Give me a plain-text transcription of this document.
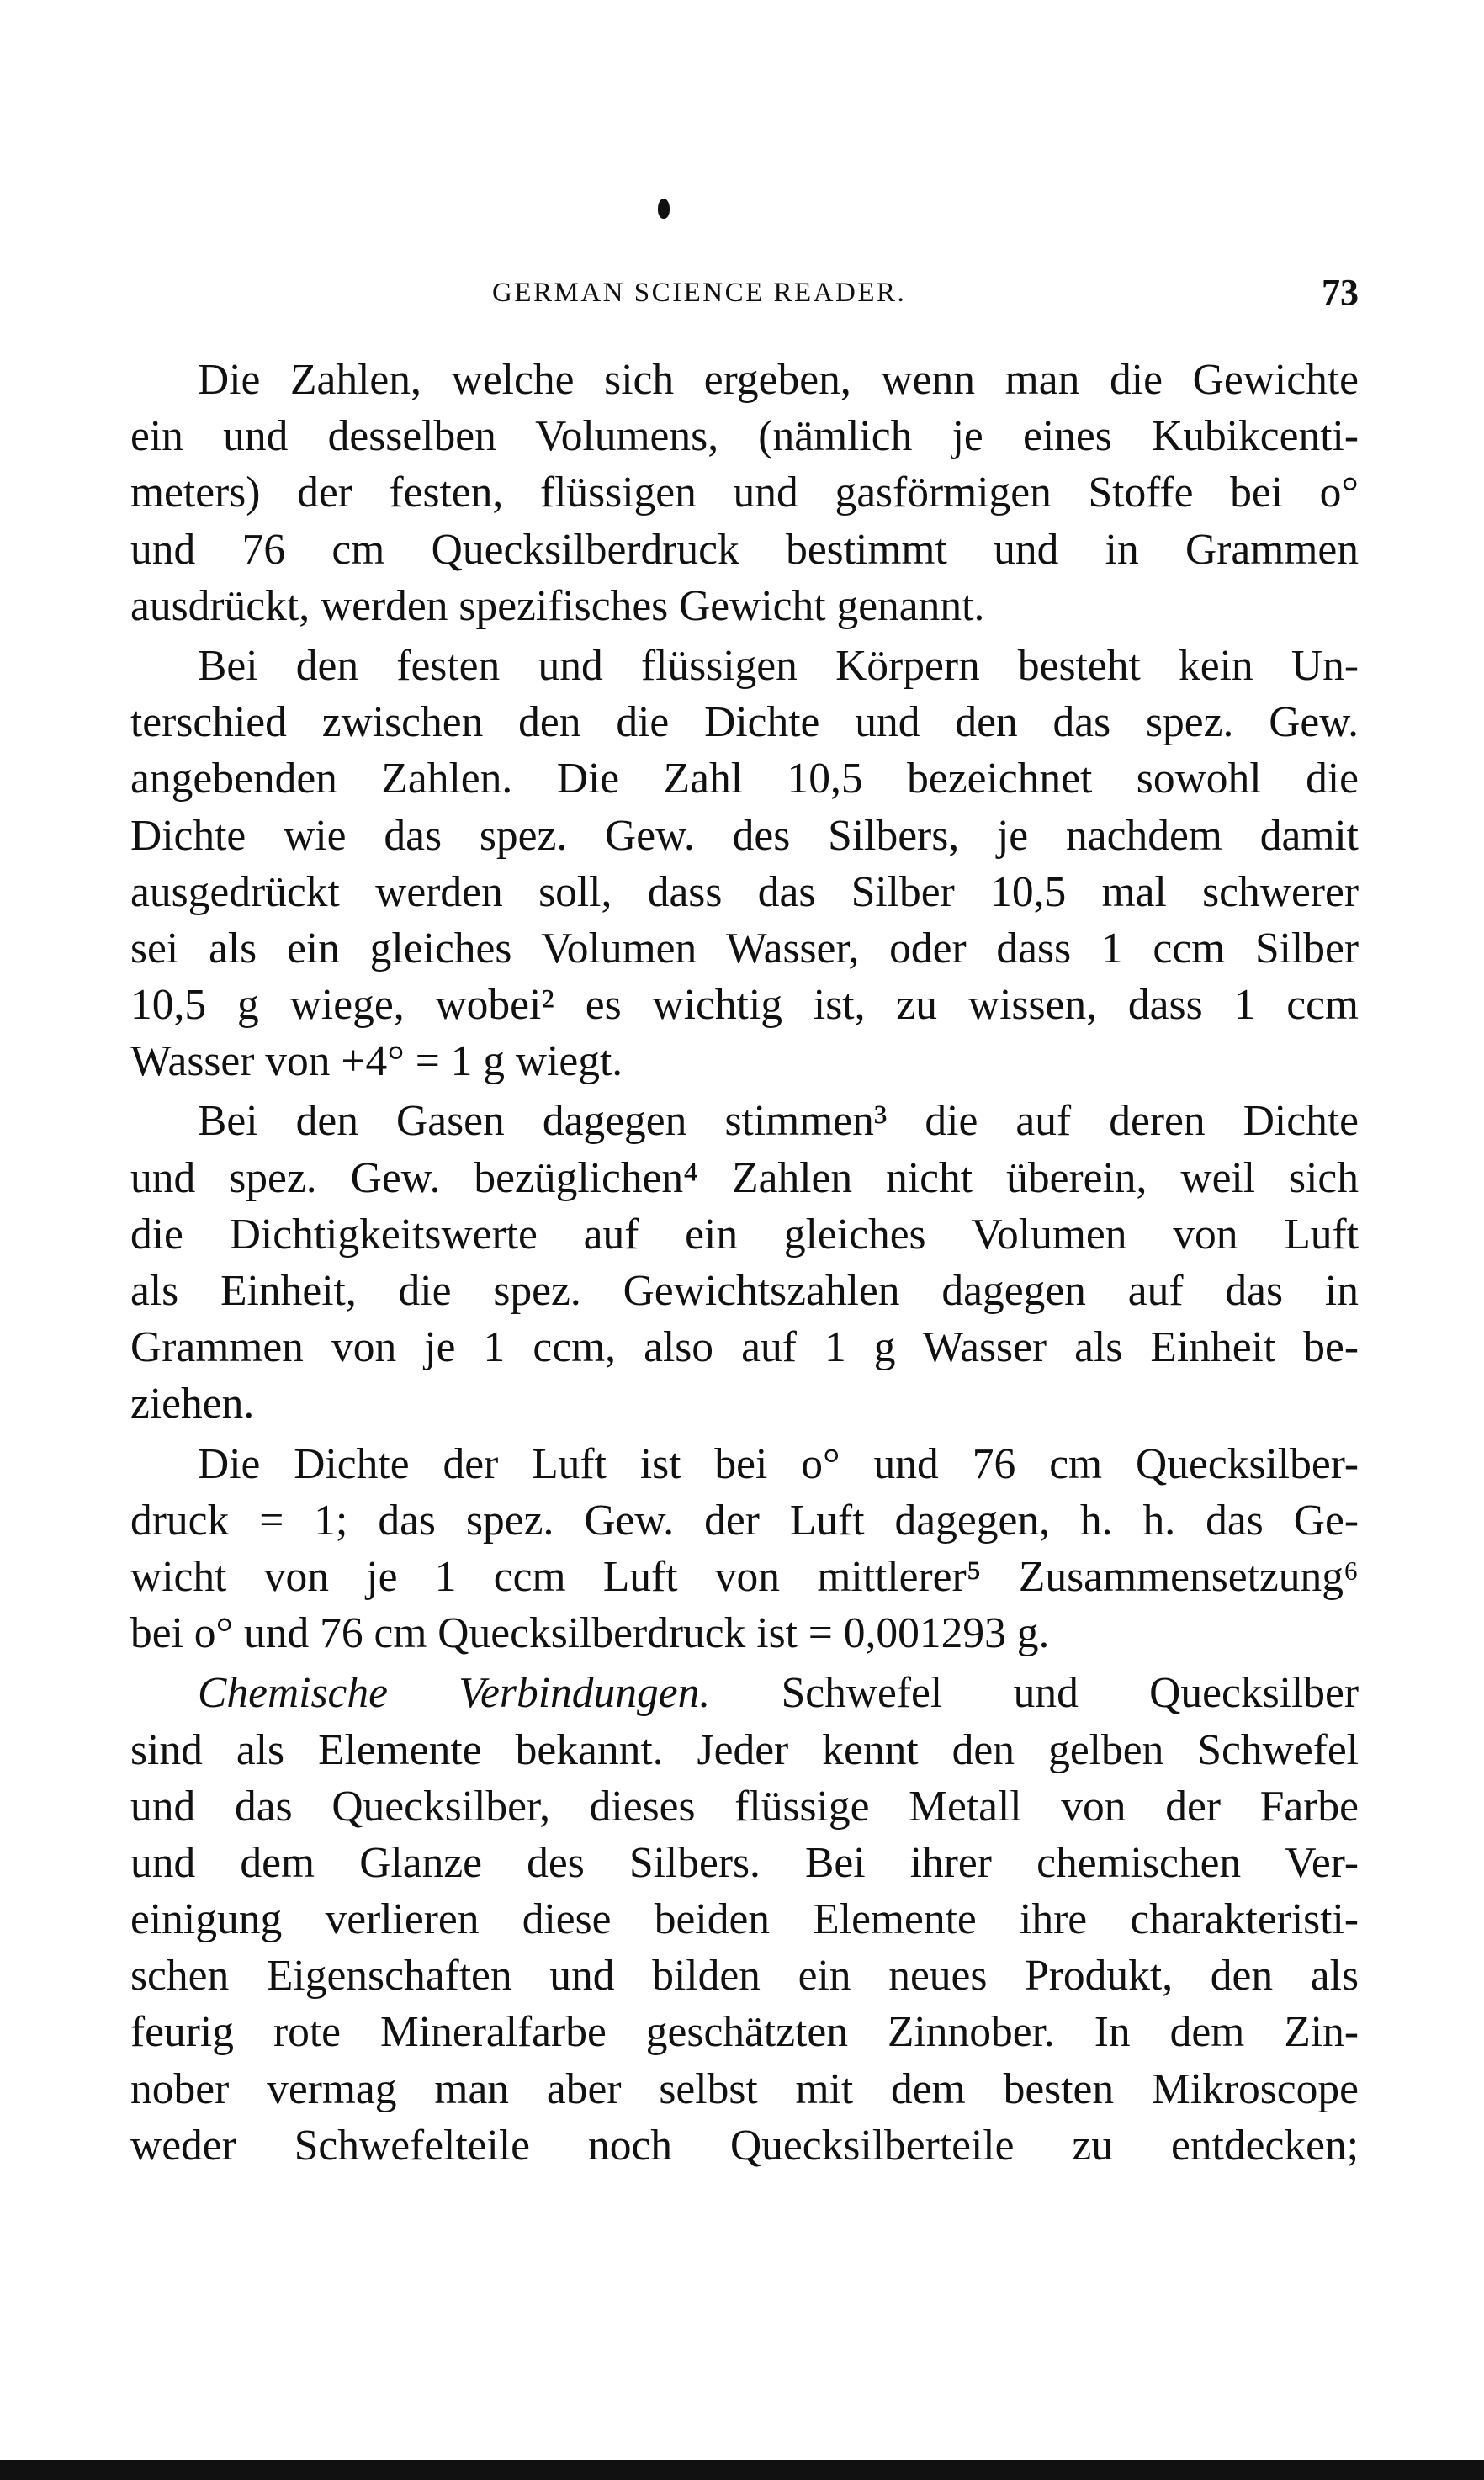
GERMAN SCIENCE READER.	73
Die Zahlen, welche sich ergeben, wenn man die Gewichte
ein und desselben Volumens, (nämlich je eines Kubikcenti-
meters) der festen, flüssigen und gasförmigen Stoffe bei o°
und 76 cm Quecksilberdruck bestimmt und in Grammen
ausdrückt, werden spezifisches Gewicht genannt.
Bei den festen und flüssigen Körpern besteht kein Un-
terschied zwischen den die Dichte und den das spez. Gew.
angebenden Zahlen. Die Zahl 10,5 bezeichnet sowohl die
Dichte wie das spez. Gew. des Silbers, je nachdem damit
ausgedrückt werden soll, dass das Silber 10,5 mal schwerer
sei als ein gleiches Volumen Wasser, oder dass 1 ccm Silber
10,5 g wiege, wobei² es wichtig ist, zu wissen, dass 1 ccm
Wasser von +4° = 1 g wiegt.
Bei den Gasen dagegen stimmen³ die auf deren Dichte
und spez. Gew. bezüglichen⁴ Zahlen nicht überein, weil sich
die Dichtigkeitswerte auf ein gleiches Volumen von Luft
als Einheit, die spez. Gewichtszahlen dagegen auf das in
Grammen von je 1 ccm, also auf 1 g Wasser als Einheit be-
ziehen.
Die Dichte der Luft ist bei o° und 76 cm Quecksilber-
druck = 1; das spez. Gew. der Luft dagegen, h. h. das Ge-
wicht von je 1 ccm Luft von mittlerer⁵ Zusammensetzung⁶
bei o° und 76 cm Quecksilberdruck ist = 0,001293 g.
Chemische Verbindungen. Schwefel und Quecksilber
sind als Elemente bekannt. Jeder kennt den gelben Schwefel
und das Quecksilber, dieses flüssige Metall von der Farbe
und dem Glanze des Silbers. Bei ihrer chemischen Ver-
einigung verlieren diese beiden Elemente ihre charakteristi-
schen Eigenschaften und bilden ein neues Produkt, den als
feurig rote Mineralfarbe geschätzten Zinnober. In dem Zin-
nober vermag man aber selbst mit dem besten Mikroscope
weder Schwefelteile noch Quecksilberteile zu entdecken;
